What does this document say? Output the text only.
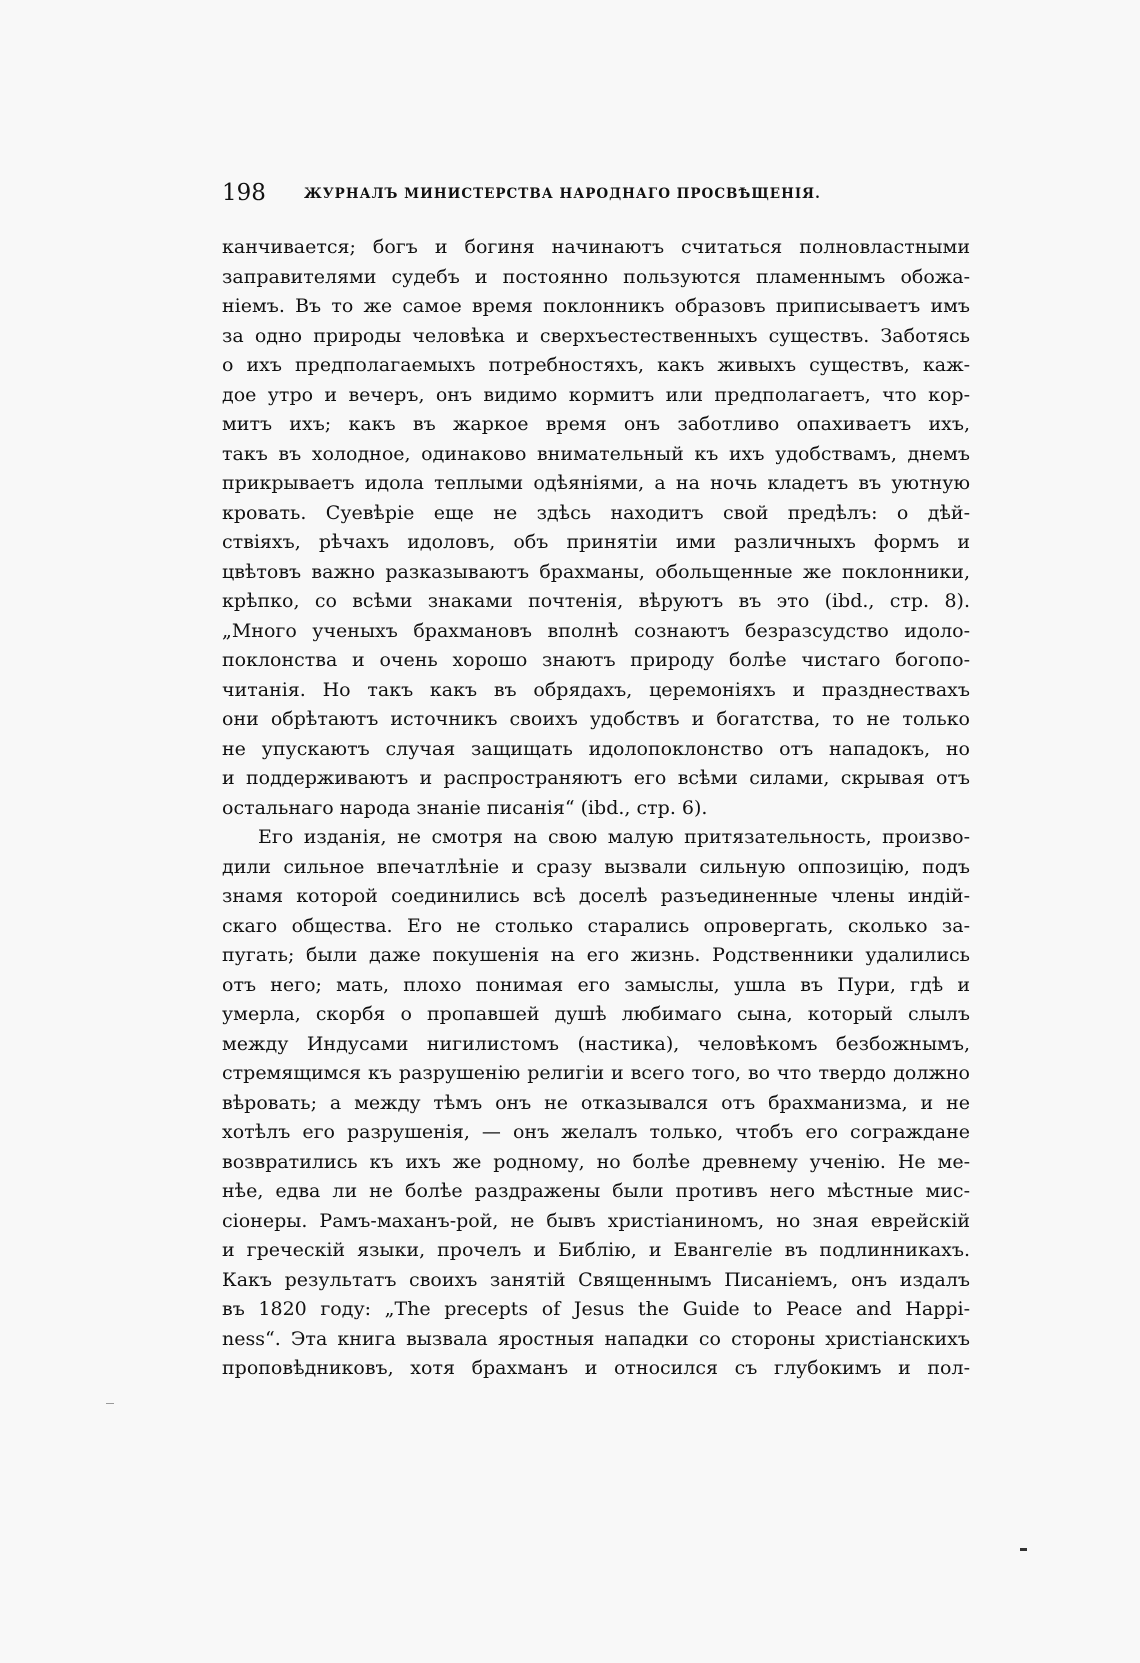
198	ЖУРНАЛЪ МИНИСТЕРСТВА НАРОДНАГО ПРОСВѢЩЕНІЯ.
канчивается; богъ и богиня начинаютъ считаться полновластными
заправителями судебъ и постоянно пользуются пламеннымъ обожа-
ніемъ. Въ то же самое время поклонникъ образовъ приписываетъ имъ
за одно природы человѣка и сверхъестественныхъ существъ. Заботясь
о ихъ предполагаемыхъ потребностяхъ, какъ живыхъ существъ, каж-
дое утро и вечеръ, онъ видимо кормитъ или предполагаетъ, что кор-
митъ ихъ; какъ въ жаркое время онъ заботливо опахиваетъ ихъ,
такъ въ холодное, одинаково внимательный къ ихъ удобствамъ, днемъ
прикрываетъ идола теплыми одѣяніями, а на ночь кладетъ въ уютную
кровать. Суевѣріе еще не здѣсь находитъ свой предѣлъ: о дѣй-
ствіяхъ, рѣчахъ идоловъ, объ принятіи ими различныхъ формъ и
цвѣтовъ важно разказываютъ брахманы, обольщенные же поклонники,
крѣпко, со всѣми знаками почтенія, вѣруютъ въ это (ibd., стр. 8).
„Много ученыхъ брахмановъ вполнѣ сознаютъ безразсудство идоло-
поклонства и очень хорошо знаютъ природу болѣе чистаго богопо-
читанія. Но такъ какъ въ обрядахъ, церемоніяхъ и празднествахъ
они обрѣтаютъ источникъ своихъ удобствъ и богатства, то не только
не упускаютъ случая защищать идолопоклонство отъ нападокъ, но
и поддерживаютъ и распространяютъ его всѣми силами, скрывая отъ
остальнаго народа знаніе писанія“ (ibd., стр. 6).
Его изданія, не смотря на свою малую притязательность, произво-
дили сильное впечатлѣніе и сразу вызвали сильную оппозицію, подъ
знамя которой соединились всѣ доселѣ разъединенные члены индій-
скаго общества. Его не столько старались опровергать, сколько за-
пугать; были даже покушенія на его жизнь. Родственники удалились
отъ него; мать, плохо понимая его замыслы, ушла въ Пури, гдѣ и
умерла, скорбя о пропавшей душѣ любимаго сына, который слылъ
между Индусами нигилистомъ (настика), человѣкомъ безбожнымъ,
стремящимся къ разрушенію религіи и всего того, во что твердо должно
вѣровать; а между тѣмъ онъ не отказывался отъ брахманизма, и не
хотѣлъ его разрушенія, — онъ желалъ только, чтобъ его сограждане
возвратились къ ихъ же родному, но болѣе древнему ученію. Не ме-
нѣе, едва ли не болѣе раздражены были противъ него мѣстные мис-
сіонеры. Рамъ-маханъ-рой, не бывъ христіаниномъ, но зная еврейскій
и греческій языки, прочелъ и Библію, и Евангеліе въ подлинникахъ.
Какъ результатъ своихъ занятій Священнымъ Писаніемъ, онъ издалъ
въ 1820 году: „The precepts of Jesus the Guide to Peace and Happi-
ness“. Эта книга вызвала яростныя нападки со стороны христіанскихъ
проповѣдниковъ, хотя брахманъ и относился съ глубокимъ и пол-
